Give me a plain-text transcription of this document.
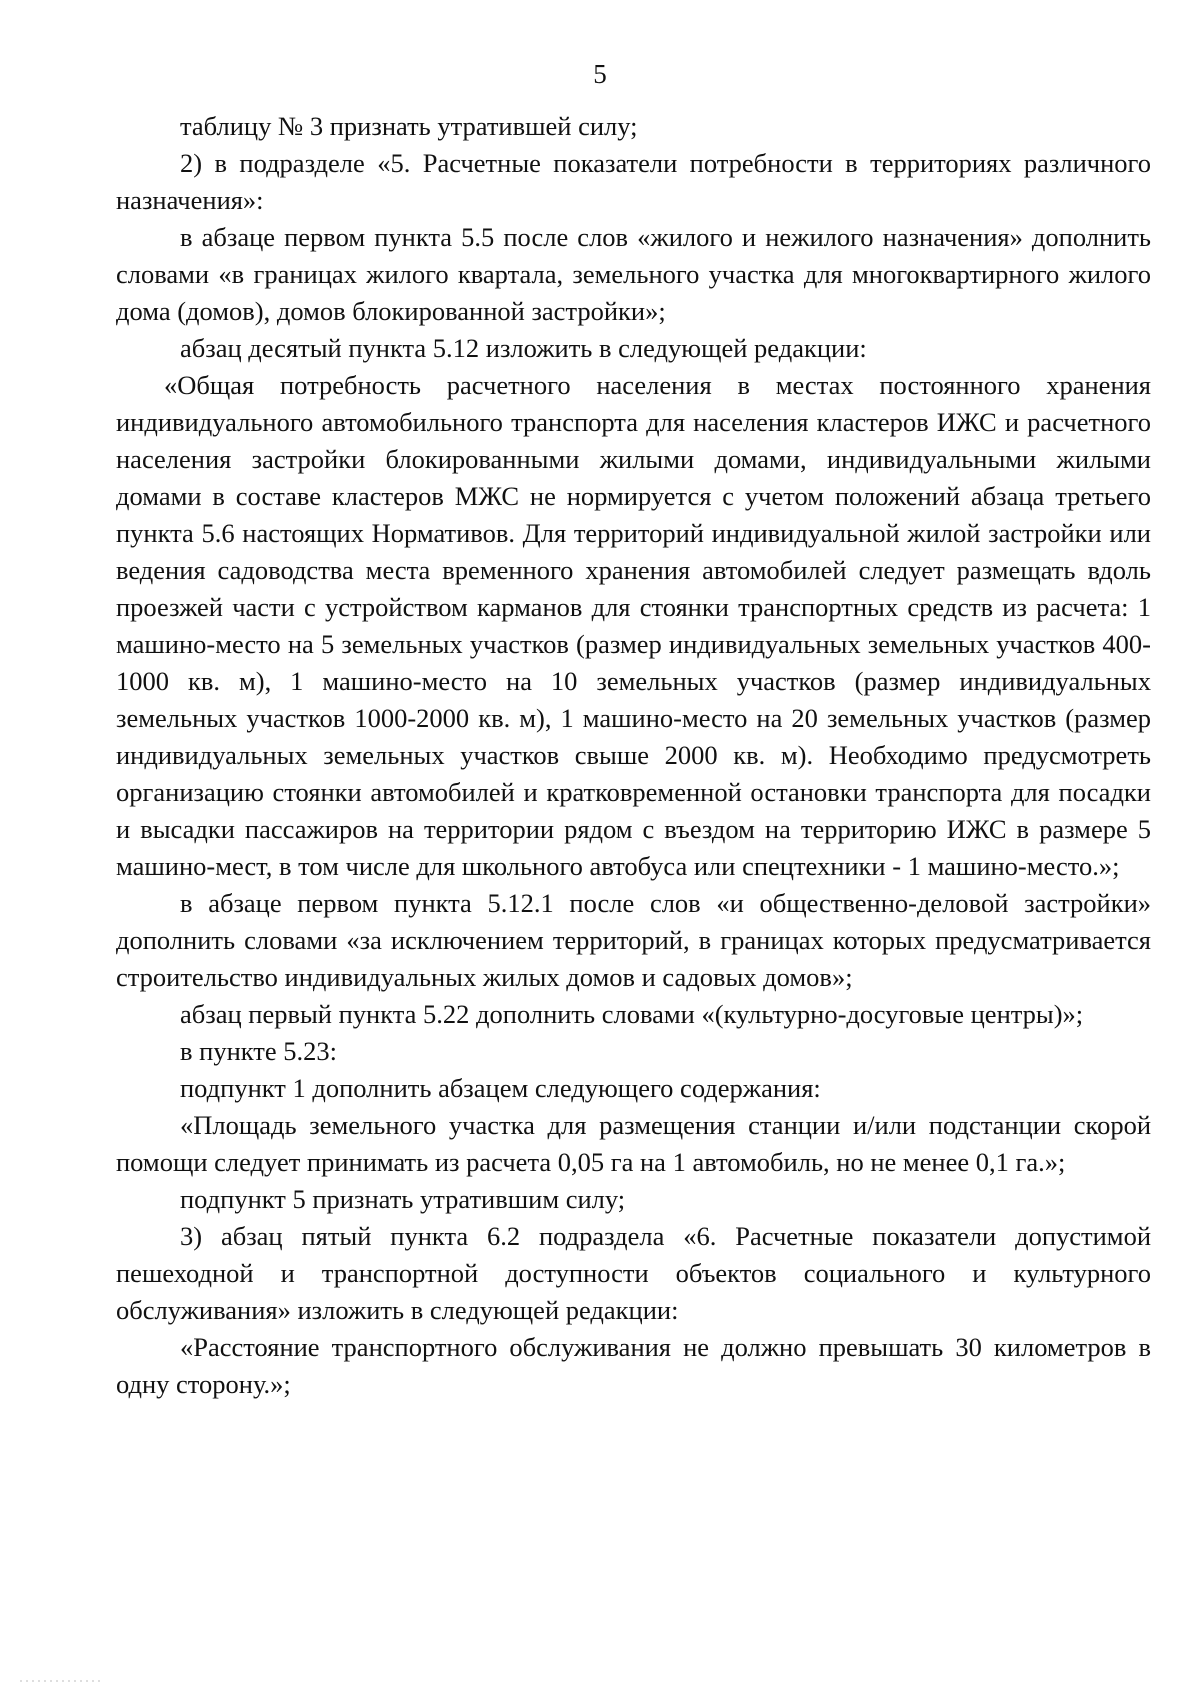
5

таблицу № 3 признать утратившей силу;

2) в подразделе «5. Расчетные показатели потребности в территориях различного назначения»:

в абзаце первом пункта 5.5 после слов «жилого и нежилого назначения» дополнить словами «в границах жилого квартала, земельного участка для многоквартирного жилого дома (домов), домов блокированной застройки»;

абзац десятый пункта 5.12 изложить в следующей редакции:

«Общая потребность расчетного населения в местах постоянного хранения индивидуального автомобильного транспорта для населения кластеров ИЖС и расчетного населения застройки блокированными жилыми домами, индивидуальными жилыми домами в составе кластеров МЖС не нормируется с учетом положений абзаца третьего пункта 5.6 настоящих Нормативов. Для территорий индивидуальной жилой застройки или ведения садоводства места временного хранения автомобилей следует размещать вдоль проезжей части с устройством карманов для стоянки транспортных средств из расчета: 1 машино-место на 5 земельных участков (размер индивидуальных земельных участков 400-1000 кв. м), 1 машино-место на 10 земельных участков (размер индивидуальных земельных участков 1000-2000 кв. м), 1 машино-место на 20 земельных участков (размер индивидуальных земельных участков свыше 2000 кв. м). Необходимо предусмотреть организацию стоянки автомобилей и кратковременной остановки транспорта для посадки и высадки пассажиров на территории рядом с въездом на территорию ИЖС в размере 5 машино-мест, в том числе для школьного автобуса или спецтехники - 1 машино-место.»;

в абзаце первом пункта 5.12.1 после слов «и общественно-деловой застройки» дополнить словами «за исключением территорий, в границах которых предусматривается строительство индивидуальных жилых домов и садовых домов»;

абзац первый пункта 5.22 дополнить словами «(культурно-досуговые центры)»;

в пункте 5.23:

подпункт 1 дополнить абзацем следующего содержания:

«Площадь земельного участка для размещения станции и/или подстанции скорой помощи следует принимать из расчета 0,05 га на 1 автомобиль, но не менее 0,1 га.»;

подпункт 5 признать утратившим силу;

3) абзац пятый пункта 6.2 подраздела «6. Расчетные показатели допустимой пешеходной и транспортной доступности объектов социального и культурного обслуживания» изложить в следующей редакции:

«Расстояние транспортного обслуживания не должно превышать 30 километров в одну сторону.»;
